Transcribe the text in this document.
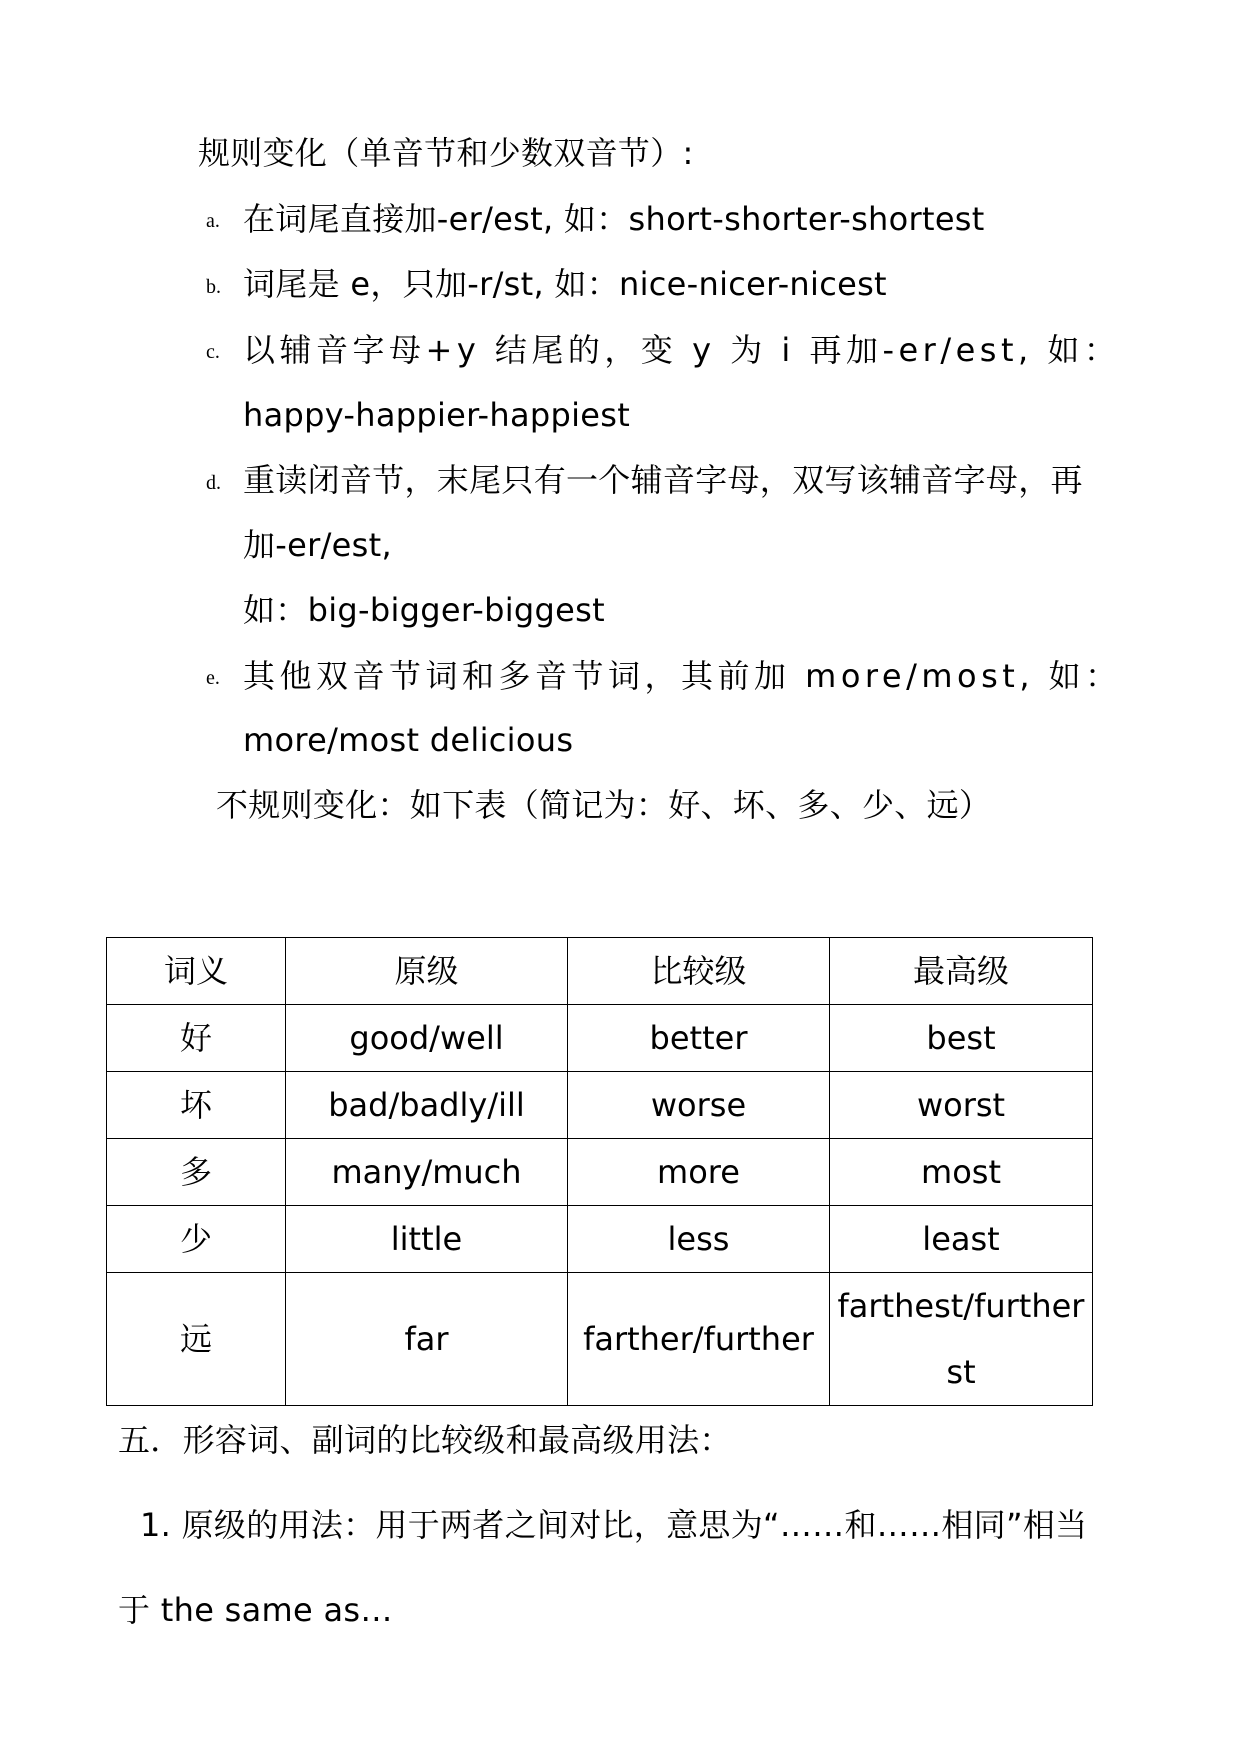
规则变化（单音节和少数双音节）:
a. 在词尾直接加-er/est, 如：short-shorter-shortest
b. 词尾是 e，只加-r/st, 如：nice-nicer-nicest
c. 以辅音字母+y 结尾的，变 y 为 i 再加-er/est, 如：
happy-happier-happiest
d. 重读闭音节，末尾只有一个辅音字母，双写该辅音字母，再
加-er/est,
如：big-bigger-biggest
e. 其他双音节词和多音节词，其前加 more/most, 如：
more/most delicious
不规则变化：如下表（简记为：好、坏、多、少、远）
词义	原级	比较级	最高级
好	good/well	better	best
坏	bad/badly/ill	worse	worst
多	many/much	more	most
少	little	less	least
远	far	farther/further	farthest/further st
五．形容词、副词的比较级和最高级用法：
1. 原级的用法：用于两者之间对比，意思为“……和……相同”相当
于 the same as…
